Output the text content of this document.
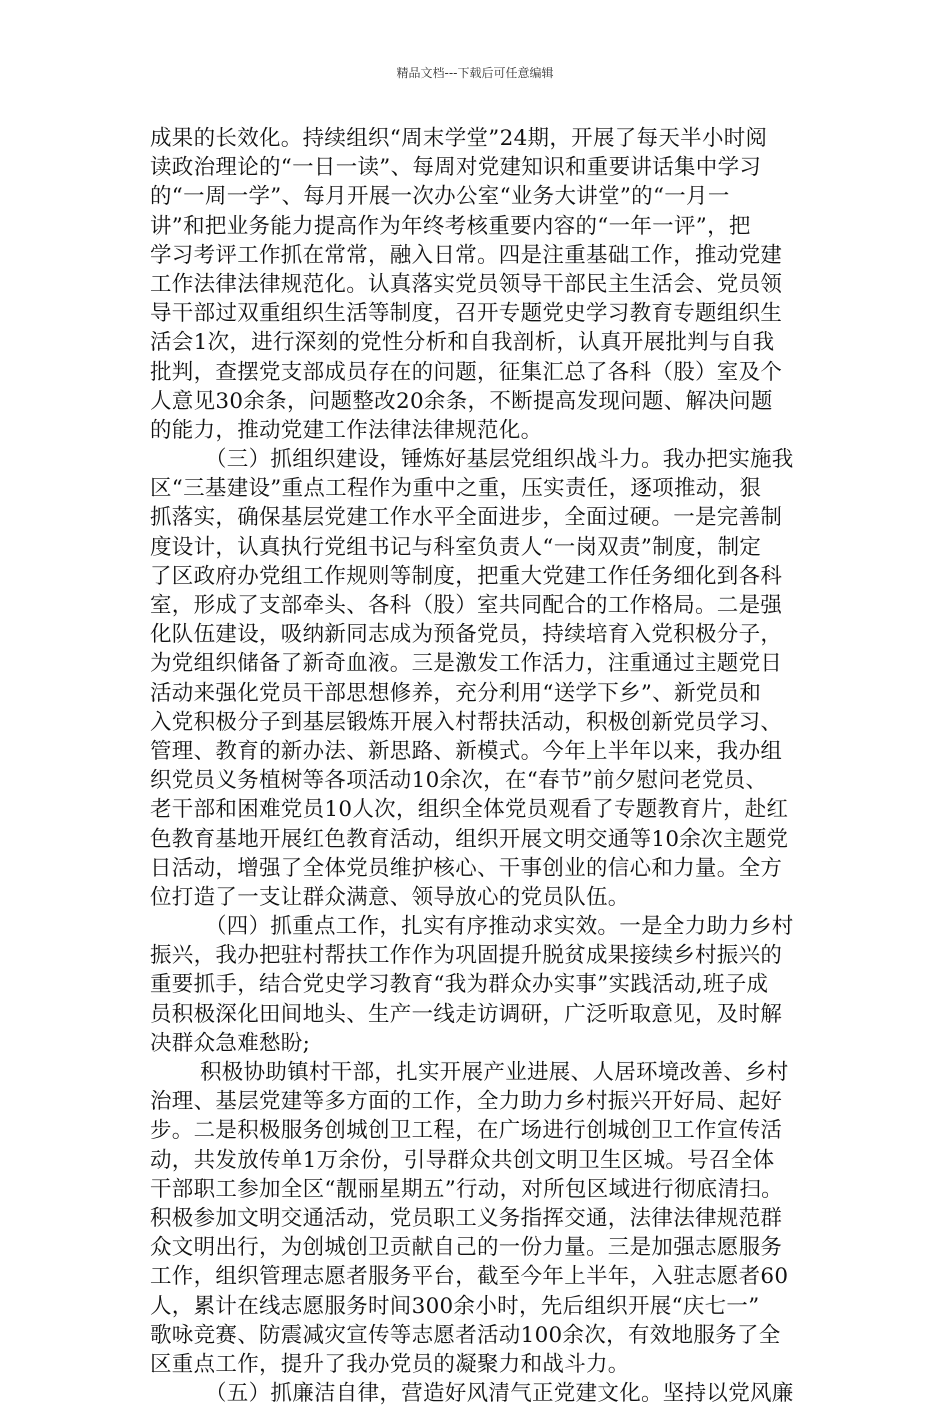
精品文档---下载后可任意编辑
成果的长效化。持续组织“周末学堂”24期，开展了每天半小时阅
读政治理论的“一日一读”、每周对党建知识和重要讲话集中学习
的“一周一学”、每月开展一次办公室“业务大讲堂”的“一月一
讲”和把业务能力提高作为年终考核重要内容的“一年一评”，把
学习考评工作抓在常常，融入日常。四是注重基础工作，推动党建
工作法律法律规范化。认真落实党员领导干部民主生活会、党员领
导干部过双重组织生活等制度，召开专题党史学习教育专题组织生
活会1次，进行深刻的党性分析和自我剖析，认真开展批判与自我
批判，查摆党支部成员存在的问题，征集汇总了各科（股）室及个
人意见30余条，问题整改20余条，不断提高发现问题、解决问题
的能力，推动党建工作法律法律规范化。
（三）抓组织建设，锤炼好基层党组织战斗力。我办把实施我
区“三基建设”重点工程作为重中之重，压实责任，逐项推动，狠
抓落实，确保基层党建工作水平全面进步，全面过硬。一是完善制
度设计，认真执行党组书记与科室负责人“一岗双责”制度，制定
了区政府办党组工作规则等制度，把重大党建工作任务细化到各科
室，形成了支部牵头、各科（股）室共同配合的工作格局。二是强
化队伍建设，吸纳新同志成为预备党员，持续培育入党积极分子，
为党组织储备了新奇血液。三是激发工作活力，注重通过主题党日
活动来强化党员干部思想修养，充分利用“送学下乡”、新党员和
入党积极分子到基层锻炼开展入村帮扶活动，积极创新党员学习、
管理、教育的新办法、新思路、新模式。今年上半年以来，我办组
织党员义务植树等各项活动10余次，在“春节”前夕慰问老党员、
老干部和困难党员10人次，组织全体党员观看了专题教育片，赴红
色教育基地开展红色教育活动，组织开展文明交通等10余次主题党
日活动，增强了全体党员维护核心、干事创业的信心和力量。全方
位打造了一支让群众满意、领导放心的党员队伍。
（四）抓重点工作，扎实有序推动求实效。一是全力助力乡村
振兴，我办把驻村帮扶工作作为巩固提升脱贫成果接续乡村振兴的
重要抓手，结合党史学习教育“我为群众办实事”实践活动,班子成
员积极深化田间地头、生产一线走访调研，广泛听取意见，及时解
决群众急难愁盼;
积极协助镇村干部，扎实开展产业进展、人居环境改善、乡村
治理、基层党建等多方面的工作，全力助力乡村振兴开好局、起好
步。二是积极服务创城创卫工程，在广场进行创城创卫工作宣传活
动，共发放传单1万余份，引导群众共创文明卫生区城。号召全体
干部职工参加全区“靓丽星期五”行动，对所包区域进行彻底清扫。
积极参加文明交通活动，党员职工义务指挥交通，法律法律规范群
众文明出行，为创城创卫贡献自己的一份力量。三是加强志愿服务
工作，组织管理志愿者服务平台，截至今年上半年，入驻志愿者60
人，累计在线志愿服务时间300余小时，先后组织开展“庆七一”
歌咏竞赛、防震减灾宣传等志愿者活动100余次，有效地服务了全
区重点工作，提升了我办党员的凝聚力和战斗力。
（五）抓廉洁自律，营造好风清气正党建文化。坚持以党风廉
